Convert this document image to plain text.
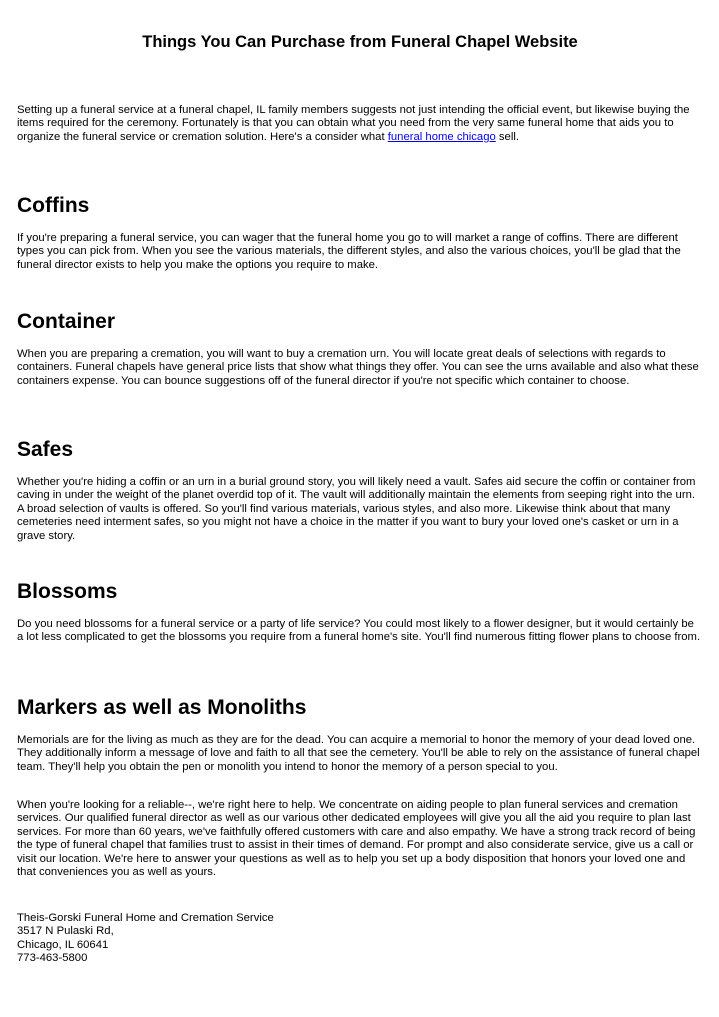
Things You Can Purchase from Funeral Chapel Website

Setting up a funeral service at a funeral chapel, IL family members suggests not just intending the official event, but likewise buying the items required for the ceremony. Fortunately is that you can obtain what you need from the very same funeral home that aids you to organize the funeral service or cremation solution. Here's a consider what funeral home chicago sell.

Coffins

If you're preparing a funeral service, you can wager that the funeral home you go to will market a range of coffins. There are different types you can pick from. When you see the various materials, the different styles, and also the various choices, you'll be glad that the funeral director exists to help you make the options you require to make.

Container

When you are preparing a cremation, you will want to buy a cremation urn. You will locate great deals of selections with regards to containers. Funeral chapels have general price lists that show what things they offer. You can see the urns available and also what these containers expense. You can bounce suggestions off of the funeral director if you're not specific which container to choose.

Safes

Whether you're hiding a coffin or an urn in a burial ground story, you will likely need a vault. Safes aid secure the coffin or container from caving in under the weight of the planet overdid top of it. The vault will additionally maintain the elements from seeping right into the urn. A broad selection of vaults is offered. So you'll find various materials, various styles, and also more. Likewise think about that many cemeteries need interment safes, so you might not have a choice in the matter if you want to bury your loved one's casket or urn in a grave story.

Blossoms

Do you need blossoms for a funeral service or a party of life service? You could most likely to a flower designer, but it would certainly be a lot less complicated to get the blossoms you require from a funeral home's site. You'll find numerous fitting flower plans to choose from.

Markers as well as Monoliths

Memorials are for the living as much as they are for the dead. You can acquire a memorial to honor the memory of your dead loved one. They additionally inform a message of love and faith to all that see the cemetery. You'll be able to rely on the assistance of funeral chapel team. They'll help you obtain the pen or monolith you intend to honor the memory of a person special to you.

When you're looking for a reliable--, we're right here to help. We concentrate on aiding people to plan funeral services and cremation services. Our qualified funeral director as well as our various other dedicated employees will give you all the aid you require to plan last services. For more than 60 years, we've faithfully offered customers with care and also empathy. We have a strong track record of being the type of funeral chapel that families trust to assist in their times of demand. For prompt and also considerate service, give us a call or visit our location. We're here to answer your questions as well as to help you set up a body disposition that honors your loved one and that conveniences you as well as yours.

Theis-Gorski Funeral Home and Cremation Service
3517 N Pulaski Rd,
Chicago, IL 60641
773-463-5800
